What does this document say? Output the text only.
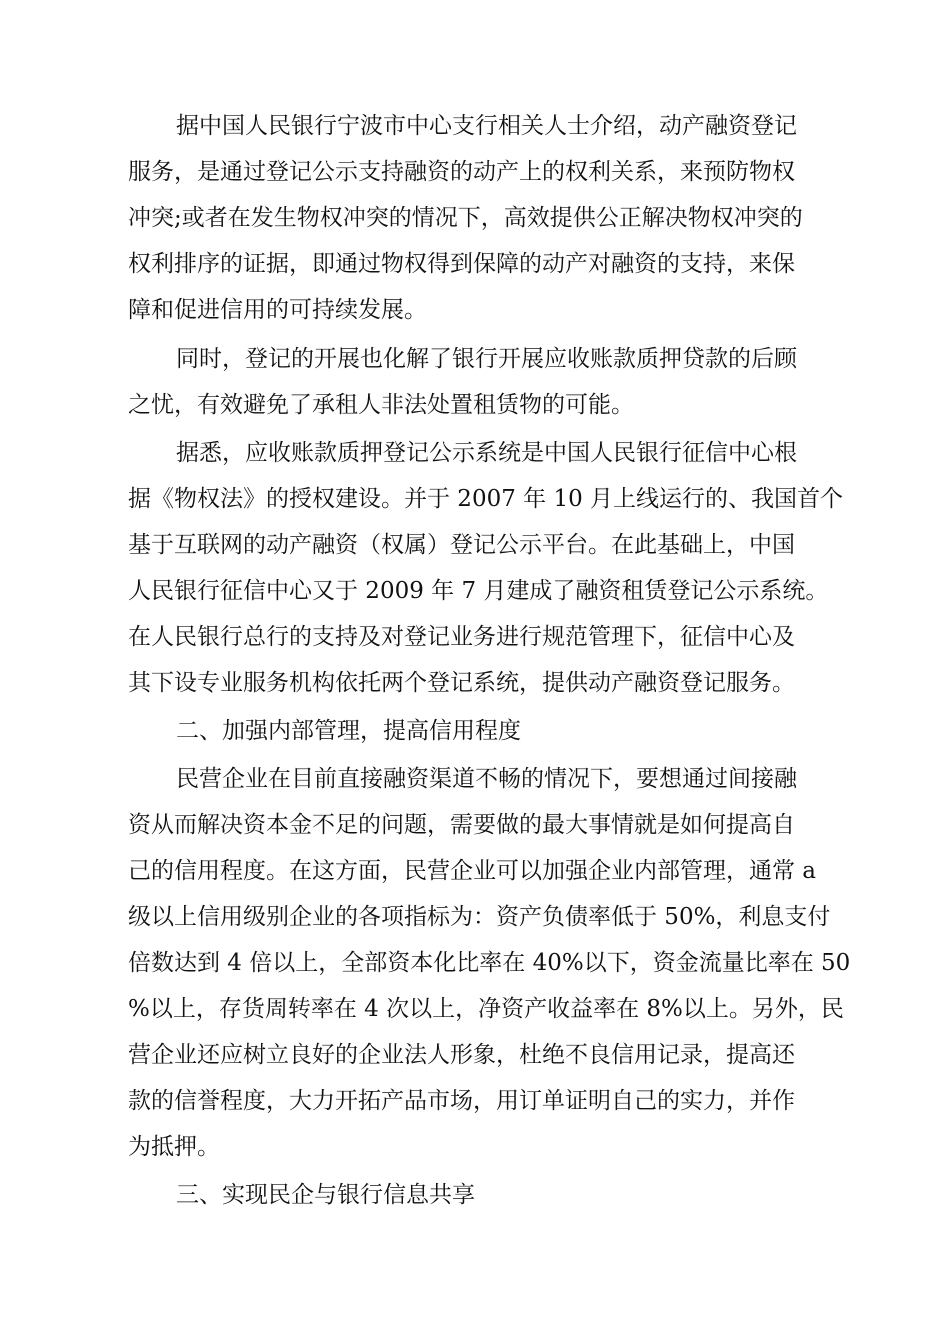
据中国人民银行宁波市中心支行相关人士介绍，动产融资登记
服务，是通过登记公示支持融资的动产上的权利关系，来预防物权
冲突;或者在发生物权冲突的情况下，高效提供公正解决物权冲突的
权利排序的证据，即通过物权得到保障的动产对融资的支持，来保
障和促进信用的可持续发展。
同时，登记的开展也化解了银行开展应收账款质押贷款的后顾
之忧，有效避免了承租人非法处置租赁物的可能。
据悉，应收账款质押登记公示系统是中国人民银行征信中心根
据《物权法》的授权建设。并于 2007 年 10 月上线运行的、我国首个
基于互联网的动产融资（权属）登记公示平台。在此基础上，中国
人民银行征信中心又于 2009 年 7 月建成了融资租赁登记公示系统。
在人民银行总行的支持及对登记业务进行规范管理下，征信中心及
其下设专业服务机构依托两个登记系统，提供动产融资登记服务。
二、加强内部管理，提高信用程度
民营企业在目前直接融资渠道不畅的情况下，要想通过间接融
资从而解决资本金不足的问题，需要做的最大事情就是如何提高自
己的信用程度。在这方面，民营企业可以加强企业内部管理，通常 a
级以上信用级别企业的各项指标为：资产负债率低于 50%，利息支付
倍数达到 4 倍以上，全部资本化比率在 40%以下，资金流量比率在 50
%以上，存货周转率在 4 次以上，净资产收益率在 8%以上。另外，民
营企业还应树立良好的企业法人形象，杜绝不良信用记录，提高还
款的信誉程度，大力开拓产品市场，用订单证明自己的实力，并作
为抵押。
三、实现民企与银行信息共享
